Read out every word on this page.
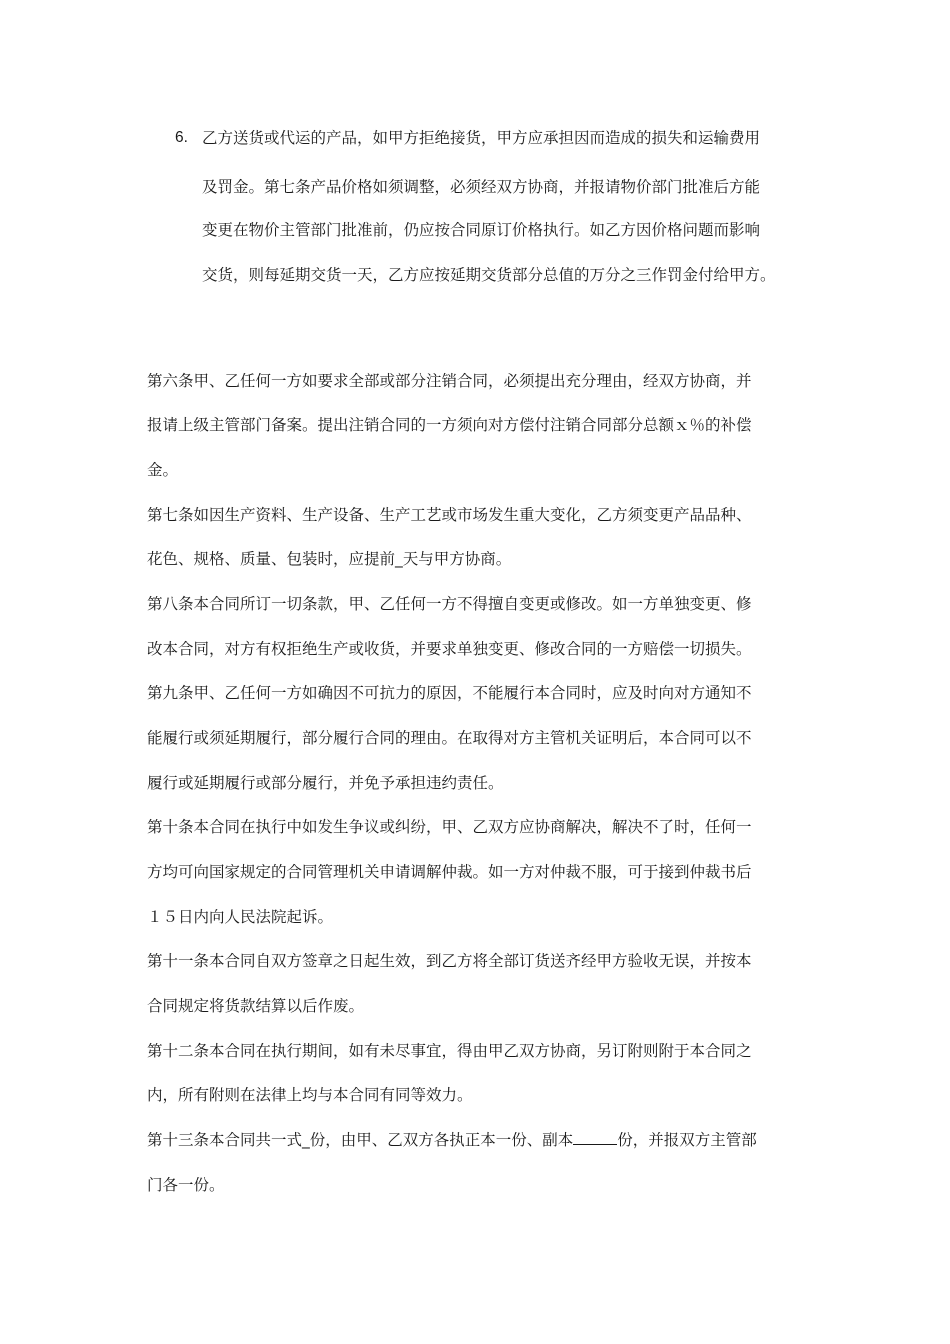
6. 乙方送货或代运的产品，如甲方拒绝接货，甲方应承担因而造成的损失和运输费用
及罚金。第七条产品价格如须调整，必须经双方协商，并报请物价部门批准后方能
变更在物价主管部门批准前，仍应按合同原订价格执行。如乙方因价格问题而影响
交货，则每延期交货一天，乙方应按延期交货部分总值的万分之三作罚金付给甲方。
第六条甲、乙任何一方如要求全部或部分注销合同，必须提出充分理由，经双方协商，并
报请上级主管部门备案。提出注销合同的一方须向对方偿付注销合同部分总额ｘ％的补偿
金。
第七条如因生产资料、生产设备、生产工艺或市场发生重大变化，乙方须变更产品品种、
花色、规格、质量、包装时，应提前_天与甲方协商。
第八条本合同所订一切条款，甲、乙任何一方不得擅自变更或修改。如一方单独变更、修
改本合同，对方有权拒绝生产或收货，并要求单独变更、修改合同的一方赔偿一切损失。
第九条甲、乙任何一方如确因不可抗力的原因，不能履行本合同时，应及时向对方通知不
能履行或须延期履行，部分履行合同的理由。在取得对方主管机关证明后，本合同可以不
履行或延期履行或部分履行，并免予承担违约责任。
第十条本合同在执行中如发生争议或纠纷，甲、乙双方应协商解决，解决不了时，任何一
方均可向国家规定的合同管理机关申请调解仲裁。如一方对仲裁不服，可于接到仲裁书后
１５日内向人民法院起诉。
第十一条本合同自双方签章之日起生效，到乙方将全部订货送齐经甲方验收无误，并按本
合同规定将货款结算以后作废。
第十二条本合同在执行期间，如有未尽事宜，得由甲乙双方协商，另订附则附于本合同之
内，所有附则在法律上均与本合同有同等效力。
第十三条本合同共一式_份，由甲、乙双方各执正本一份、副本	份，并报双方主管部
门各一份。
